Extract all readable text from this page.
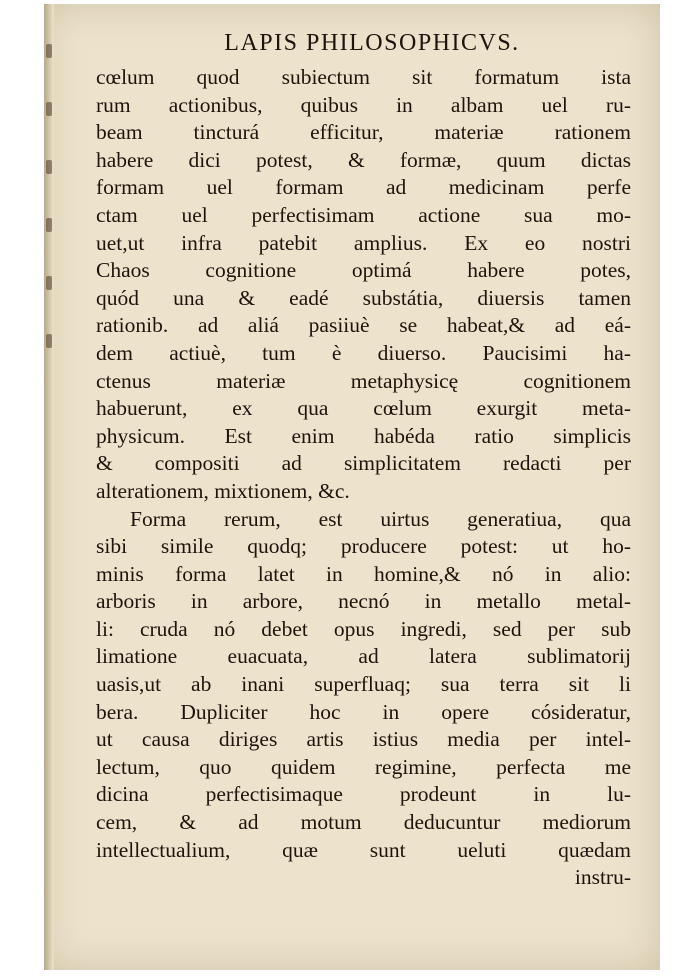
LAPIS PHILOSOPHICVS.
cœlum quod subiectum sit formatum ista
rum actionibus, quibus in albam uel ru-
beam tincturá efficitur, materiæ rationem
habere dici potest, & formæ, quum dictas
formam uel formam ad medicinam perfe
ctam uel perfectisimam actione sua mo-
uet,ut infra patebit amplius. Ex eo nostri
Chaos cognitione optimá habere potes,
quód una & eadé substátia, diuersis tamen
rationib. ad aliá pasiiuè se habeat,& ad eá-
dem actiuè, tum è diuerso. Paucisimi ha-
ctenus materiæ metaphysicę cognitionem
habuerunt, ex qua cœlum exurgit meta-
physicum. Est enim habéda ratio simplicis
& compositi ad simplicitatem redacti per
alterationem, mixtionem, &c.
Forma rerum, est uirtus generatiua, qua
sibi simile quodq; producere potest: ut ho-
minis forma latet in homine,& nó in alio:
arboris in arbore, necnó in metallo metal-
li: cruda nó debet opus ingredi, sed per sub
limatione euacuata, ad latera sublimatorij
uasis,ut ab inani superfluaq; sua terra sit li
bera. Dupliciter hoc in opere cósideratur,
ut causa diriges artis istius media per intel-
lectum, quo quidem regimine, perfecta me
dicina perfectisimaque prodeunt in lu-
cem, & ad motum deducuntur mediorum
intellectualium, quæ sunt ueluti quædam
instru-
